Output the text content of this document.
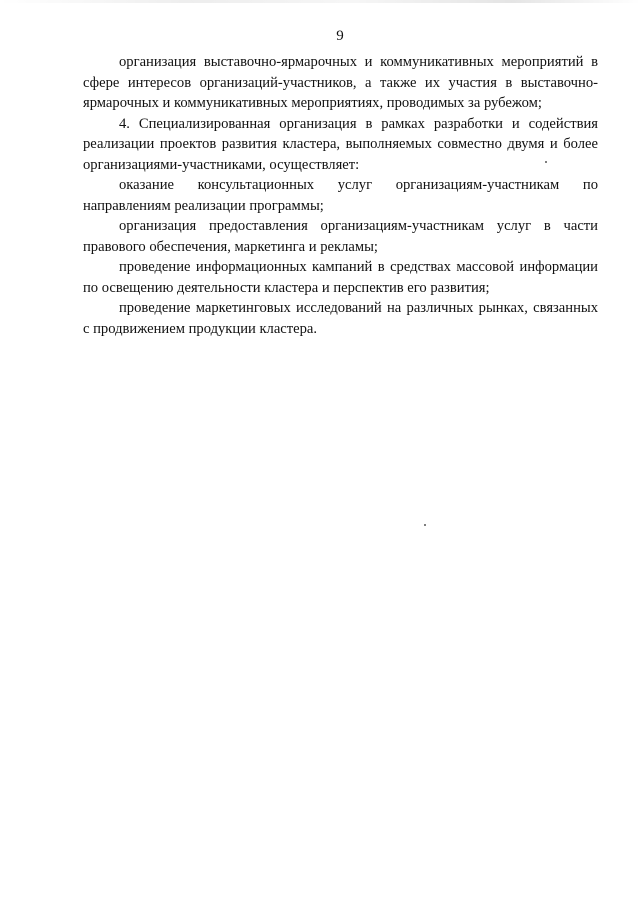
9

организация выставочно-ярмарочных и коммуникативных мероприятий в сфере интересов организаций-участников, а также их участия в выставочно-ярмарочных и коммуникативных мероприятиях, проводимых за рубежом;

4. Специализированная организация в рамках разработки и содействия реализации проектов развития кластера, выполняемых совместно двумя и более организациями-участниками, осуществляет:

оказание консультационных услуг организациям-участникам по направлениям реализации программы;

организация предоставления организациям-участникам услуг в части правового обеспечения, маркетинга и рекламы;

проведение информационных кампаний в средствах массовой информации по освещению деятельности кластера и перспектив его развития;

проведение маркетинговых исследований на различных рынках, связанных с продвижением продукции кластера.
